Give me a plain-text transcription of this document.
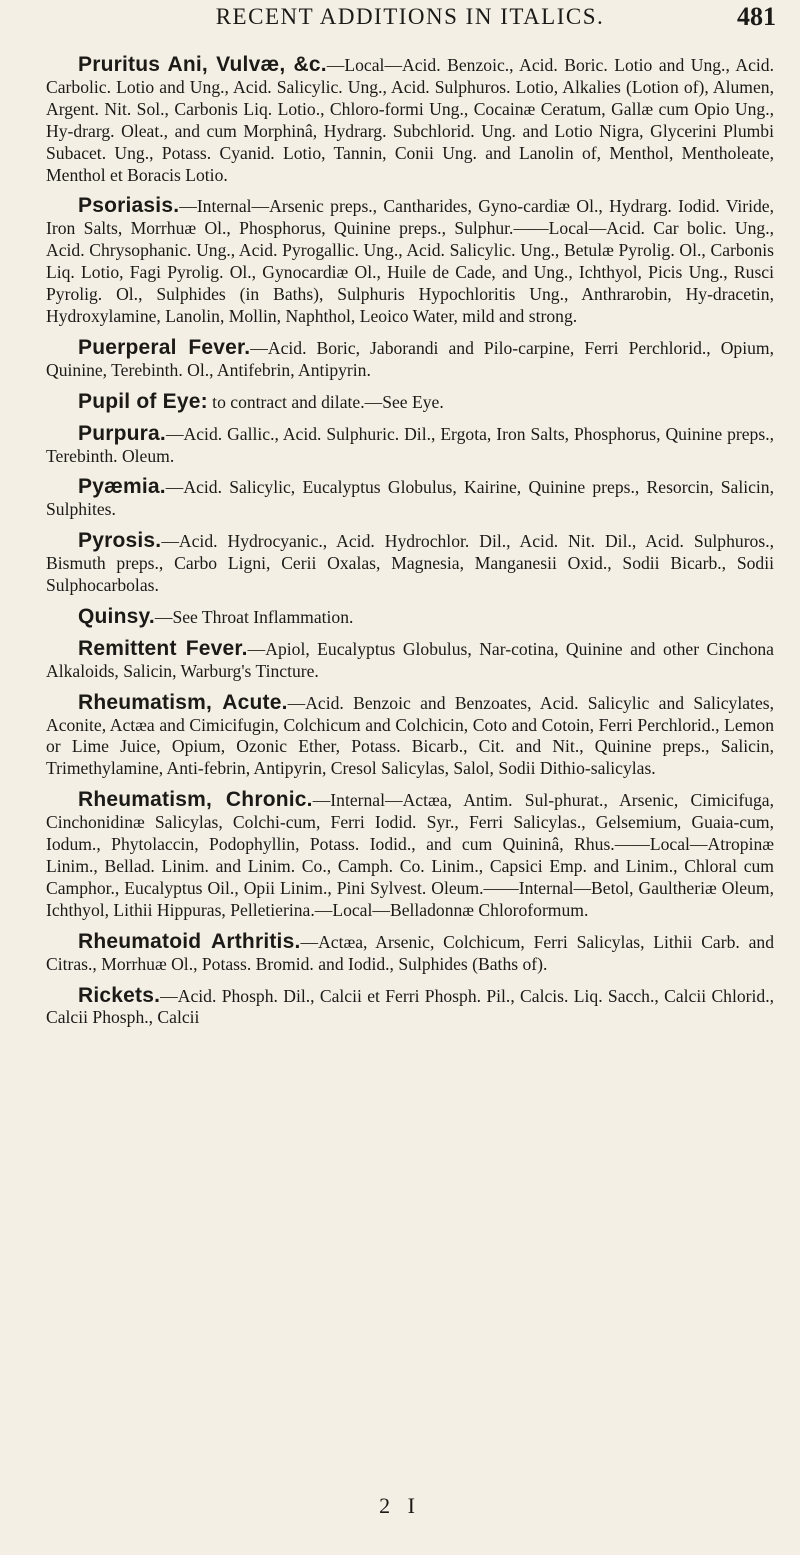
RECENT ADDITIONS IN ITALICS.	481

Pruritus Ani, Vulvæ, &c.—Local—Acid. Benzoic., Acid. Boric. Lotio and Ung., Acid. Carbolic. Lotio and Ung., Acid. Salicylic. Ung., Acid. Sulphuros. Lotio, Alkalies (Lotion of), Alumen, Argent. Nit. Sol., Carbonis Liq. Lotio., Chloro-formi Ung., Cocainæ Ceratum, Gallæ cum Opio Ung., Hy-drarg. Oleat., and cum Morphinâ, Hydrarg. Subchlorid. Ung. and Lotio Nigra, Glycerini Plumbi Subacet. Ung., Potass. Cyanid. Lotio, Tannin, Conii Ung. and Lanolin of, Menthol, Mentholeate, Menthol et Boracis Lotio.

Psoriasis.—Internal—Arsenic preps., Cantharides, Gyno-cardiæ Ol., Hydrarg. Iodid. Viride, Iron Salts, Morrhuæ Ol., Phosphorus, Quinine preps., Sulphur.——Local—Acid. Car bolic. Ung., Acid. Chrysophanic. Ung., Acid. Pyrogallic. Ung., Acid. Salicylic. Ung., Betulæ Pyrolig. Ol., Carbonis Liq. Lotio, Fagi Pyrolig. Ol., Gynocardiæ Ol., Huile de Cade, and Ung., Ichthyol, Picis Ung., Rusci Pyrolig. Ol., Sulphides (in Baths), Sulphuris Hypochloritis Ung., Anthrarobin, Hy-dracetin, Hydroxylamine, Lanolin, Mollin, Naphthol, Leoico Water, mild and strong.

Puerperal Fever.—Acid. Boric, Jaborandi and Pilo-carpine, Ferri Perchlorid., Opium, Quinine, Terebinth. Ol., Antifebrin, Antipyrin.

Pupil of Eye: to contract and dilate.—See Eye.

Purpura.—Acid. Gallic., Acid. Sulphuric. Dil., Ergota, Iron Salts, Phosphorus, Quinine preps., Terebinth. Oleum.

Pyæmia.—Acid. Salicylic, Eucalyptus Globulus, Kairine, Quinine preps., Resorcin, Salicin, Sulphites.

Pyrosis.—Acid. Hydrocyanic., Acid. Hydrochlor. Dil., Acid. Nit. Dil., Acid. Sulphuros., Bismuth preps., Carbo Ligni, Cerii Oxalas, Magnesia, Manganesii Oxid., Sodii Bicarb., Sodii Sulphocarbolas.

Quinsy.—See Throat Inflammation.

Remittent Fever.—Apiol, Eucalyptus Globulus, Nar-cotina, Quinine and other Cinchona Alkaloids, Salicin, Warburg's Tincture.

Rheumatism, Acute.—Acid. Benzoic and Benzoates, Acid. Salicylic and Salicylates, Aconite, Actæa and Cimicifugin, Colchicum and Colchicin, Coto and Cotoin, Ferri Perchlorid., Lemon or Lime Juice, Opium, Ozonic Ether, Potass. Bicarb., Cit. and Nit., Quinine preps., Salicin, Trimethylamine, Anti-febrin, Antipyrin, Cresol Salicylas, Salol, Sodii Dithio-salicylas.

Rheumatism, Chronic.—Internal—Actæa, Antim. Sul-phurat., Arsenic, Cimicifuga, Cinchonidinæ Salicylas, Colchi-cum, Ferri Iodid. Syr., Ferri Salicylas., Gelsemium, Guaia-cum, Iodum., Phytolaccin, Podophyllin, Potass. Iodid., and cum Quininâ, Rhus.——Local—Atropinæ Linim., Bellad. Linim. and Linim. Co., Camph. Co. Linim., Capsici Emp. and Linim., Chloral cum Camphor., Eucalyptus Oil., Opii Linim., Pini Sylvest. Oleum.——Internal—Betol, Gaultheriæ Oleum, Ichthyol, Lithii Hippuras, Pelletierina.—Local—Belladonnæ Chloroformum.

Rheumatoid Arthritis.—Actæa, Arsenic, Colchicum, Ferri Salicylas, Lithii Carb. and Citras., Morrhuæ Ol., Potass. Bromid. and Iodid., Sulphides (Baths of).

Rickets.—Acid. Phosph. Dil., Calcii et Ferri Phosph. Pil., Calcis. Liq. Sacch., Calcii Chlorid., Calcii Phosph., Calcii

2 I
